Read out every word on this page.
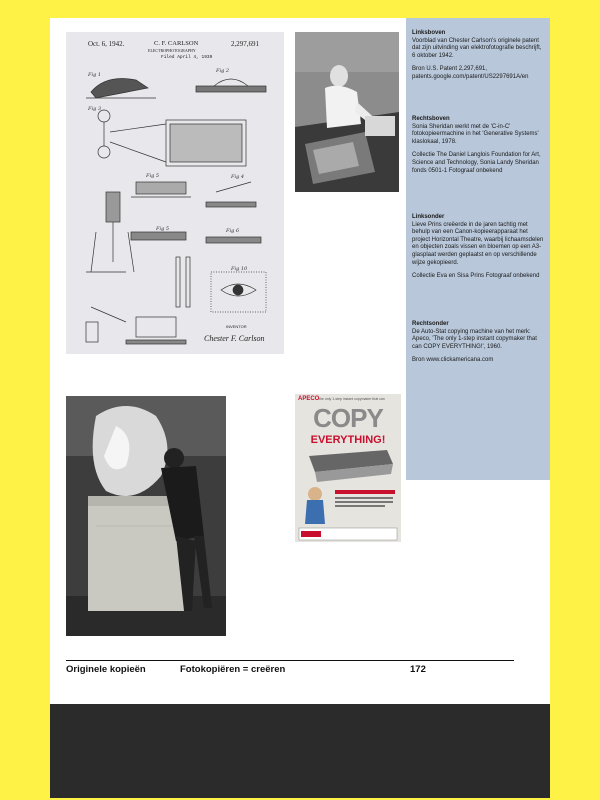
Oct. 6, 1942.	C. F. CARLSON	2,297,691
ELECTROPHOTOGRAPHY
Filed April 4, 1939
Fig 1
Fig 2
Fig 3
Fig 5	Fig 4
Fig 5	Fig 6
Fig 10
INVENTOR
Chester F. Carlson
APECO the only 1-step instant copymaker that can
COPY
EVERYTHING!
Linksboven

Voorblad van Chester Carlson's originele patent dat zijn uitvinding van elektrofotografie beschrijft, 6 oktober 1942.

Bron U.S. Patent 2,297,691, patents.google.com/patent/US2297691A/en

Rechtsboven

Sonia Sheridan werkt met de 'C-in-C' fotokopieermachine in het 'Generative Systems' klaslokaal, 1978.

Collectie The Daniel Langlois Foundation for Art, Science and Technology, Sonia Landy Sheridan fonds 0501-1 Fotograaf onbekend

Linksonder

Lieve Prins creëerde in de jaren tachtig met behulp van een Canon-kopieerapparaat het project Horizontal Theatre, waarbij lichaamsdelen en objecten zoals vissen en bloemen op een A3-glasplaat werden geplaatst en op verschillende wijze gekopieerd.

Collectie Eva en Sisa Prins Fotograaf onbekend

Rechtsonder

De Auto-Stat copying machine van het merk: Apeco, 'The only 1-step instant copymaker that can COPY EVERYTHING!', 1960.

Bron www.clickamericana.com

Originele kopieën	Fotokopiëren = creëren	172
